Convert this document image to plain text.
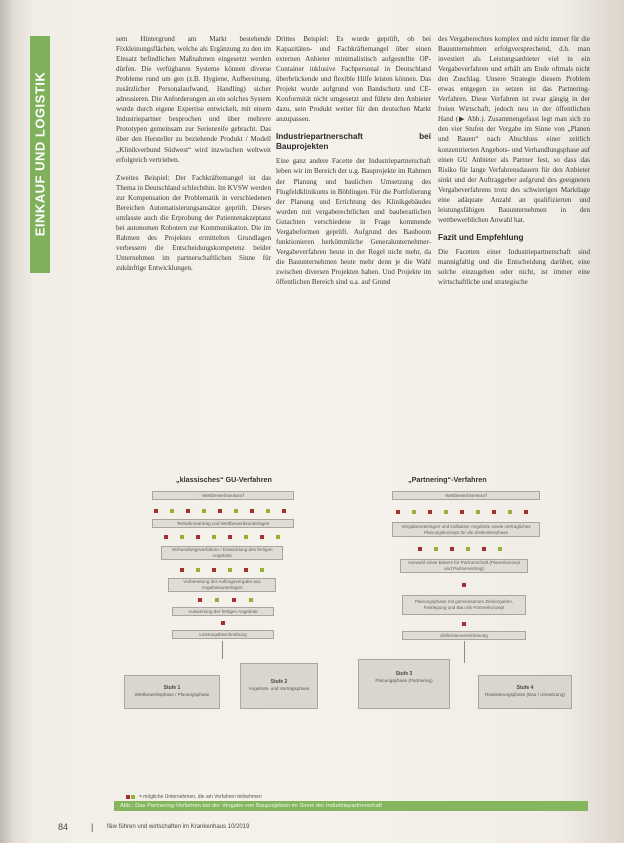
EINKAUF UND LOGISTIK

sem Hintergrund am Markt bestehende Fixkleinungsflächen, welche als Ergänzung zu den im Einsatz befindlichen Maßnahmen eingesetzt werden dürfen. Die verfügbaren Systeme können diverse Probleme rund um gen (z.B. Hygiene, Aufbereitung, zusätzlicher Personalaufwand, Handling) sicher adressieren. Die Anforderungen an ein solches System wurde durch eigene Expertise entwickelt, mit einem Industriepartner besprochen und über mehrere Prototypen gemeinsam zur Serienreife gebracht. Das über den Hersteller zu beziehende Produkt / Modell „Klinikverbund Südwest“ wird inzwischen weltweit erfolgreich vertrieben.

Zweites Beispiel: Der Fachkräftemangel ist das Thema in Deutschland schlechthin. Im KVSW werden zur Kompensation der Problematik in verschiedenen Bereichen Automatisierungsansätze geprüft. Dieses umfasste auch die Erprobung der Patientenakzeptanz bei autonomen Robotern zur Kommunikation. Die im Rahmen des Projektes ermittelten Grundlagen verbessern die Entscheidungskompetenz beider Unternehmen im partnerschaftlichen Sinne für zukünftige Entwicklungen.

Drittes Beispiel: Es wurde geprüft, ob bei Kapazitäten- und Fachkräftemangel über einen externen Anbieter minimalistisch aufgestellte OP-Container inklusive Fachpersonal in Deutschland überbrückende und flexible Hilfe leisten können. Das Projekt wurde aufgrund von Bandschutz und CE-Konformität nicht umgesetzt und führte den Anbieter dazu, sein Produkt weiter für den deutschen Markt anzupassen.

Industriepartnerschaft bei Bauprojekten

Eine ganz andere Facette der Industriepartnerschaft leben wir im Bereich der u.g. Bauprojekte im Rahmen der Planung und baulichen Umsetzung des Flugfeldklinikums in Böblingen. Für die Portfolierung der Planung und Errichtung des Klinikgebäudes wurden mit vergaberechtlichen und bauberatlichen Gutachten verschiedene in Frage kommende Vergabeformen geprüft. Aufgrund des Bauboom funktionieren herkömmliche Generalunternehmer-Vergabeverfahren heute in der Regel nicht mehr, da die Bauunternehmen heute mehr denn je die Wahl zwischen diversen Projekten haben. Und Projekte im öffentlichen Bereich sind u.a. auf Grund

des Vergaberechtes komplex und nicht immer für die Bauunternehmen erfolgversprechend, d.h. man investiert als Leistungsanbieter viel in ein Vergabeverfahren und erhält am Ende oftmals nicht den Zuschlag. Unsere Strategie diesem Problem etwas entgegen zu setzen ist das Partnering-Verfahren. Diese Verfahren ist zwar gängig in der freien Wirtschaft, jedoch neu in der öffentlichen Hand (▶ Abb.). Zusammengefasst legt man sich zu den vier Stufen der Vergabe im Sinne von „Planen und Bauen“ nach Abschluss einer zeitlich konzentrierten Angebots- und Verhandlungsphase auf einen GU Anbieter als Partner fest, so dass das Risiko für lange Verfahrensdauern für den Anbieter sinkt und der Auftraggeber aufgrund des geeigneten Vergabeverfahrens trotz des schwierigen Marktlage eine adäquate Anzahl an qualifizierten und leistungsfähigen Bauunternehmen in den wettbewerblichen Anwahl hat.

Fazit und Empfehlung

Die Facetten einer Industriepartnerschaft sind mannigfaltig und die Entscheidung darüber, eine solche einzugehen oder nicht, ist immer eine wirtschaftliche und strategische

„klassisches“ GU-Verfahren	„Partnering“-Verfahren
Wettbewerbsentwurf
Teilnahmeantrag und Wettbewerbsunterlagen
Verhandlungsverfahren / Entwicklung des fertigen Angebots
Vorbereitung der Auftragsvergabe aus Angebotsunterlagen
Auswertung der fertigen Angebote
Leistungsbeschreibung
Wettbewerbsentwurf
Vergabeunterlagen und indikative Angebote sowie vertragliches Planungskonzept für die Zielkostenphase
Auswahl eines Bieters für Partnerschaft (Planerkonzept und Partnervertrag)
Planungsphase mit gemeinsamen Zielvorgaben, Festlegung und Bau als Partnerkonzept
Zielkostenvereinbarung
Stufe 1
Wettbewerbsphase / Planungsphase
Stufe 2
Angebots- und Vertragsphase
Stufe 3
Planungsphase (Partnering)
Stufe 4
Realisierungsphase (Bau / Umsetzung)
= mögliche Unternehmen, die am Verfahren teilnehmen
Abb.: Das Partnering-Verfahren bei der Vergabe von Bauprojekten im Sinne der Industriepartnerschaft
84	| f&w führen und wirtschaften im Krankenhaus 10/2019
